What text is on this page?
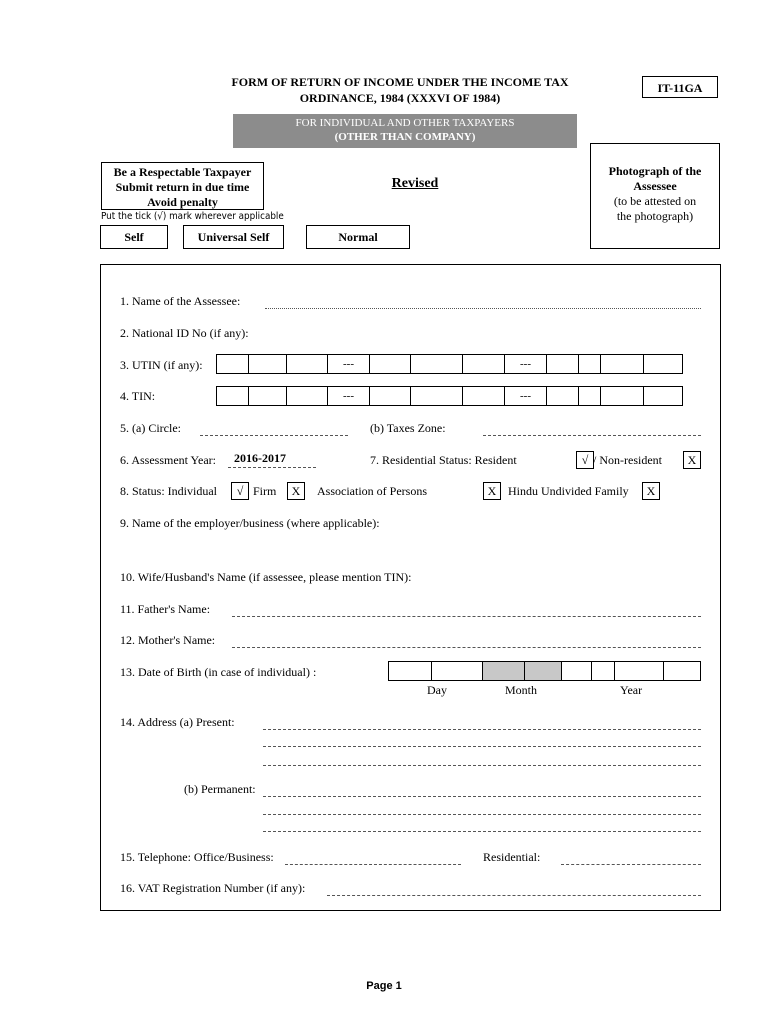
FORM OF RETURN OF INCOME UNDER THE INCOME TAX
ORDINANCE, 1984 (XXXVI OF 1984)
IT-11GA
FOR INDIVIDUAL AND OTHER TAXPAYERS
(OTHER THAN COMPANY)
Be a Respectable Taxpayer
Submit return in due time
Avoid penalty
Revised
Photograph of the
Assessee
(to be attested on
the photograph)
Put the tick (√) mark wherever applicable
Self	Universal Self	Normal
1. Name of the Assessee:
2. National ID No (if any):
3. UTIN (if any):	---	---
4. TIN:	---	---
5. (a) Circle:	(b) Taxes Zone:
6. Assessment Year: 2016-2017	7. Residential Status: Resident	√ / Non-resident	X
8. Status: Individual	√ Firm	X	Association of Persons	X Hindu Undivided Family	X
9. Name of the employer/business (where applicable):
10. Wife/Husband's Name (if assessee, please mention TIN):
11. Father's Name:
12. Mother's Name:
13. Date of Birth (in case of individual) :
Day	Month	Year
14. Address (a) Present:
(b) Permanent:
15. Telephone: Office/Business:	Residential:
16. VAT Registration Number (if any):
Page 1
